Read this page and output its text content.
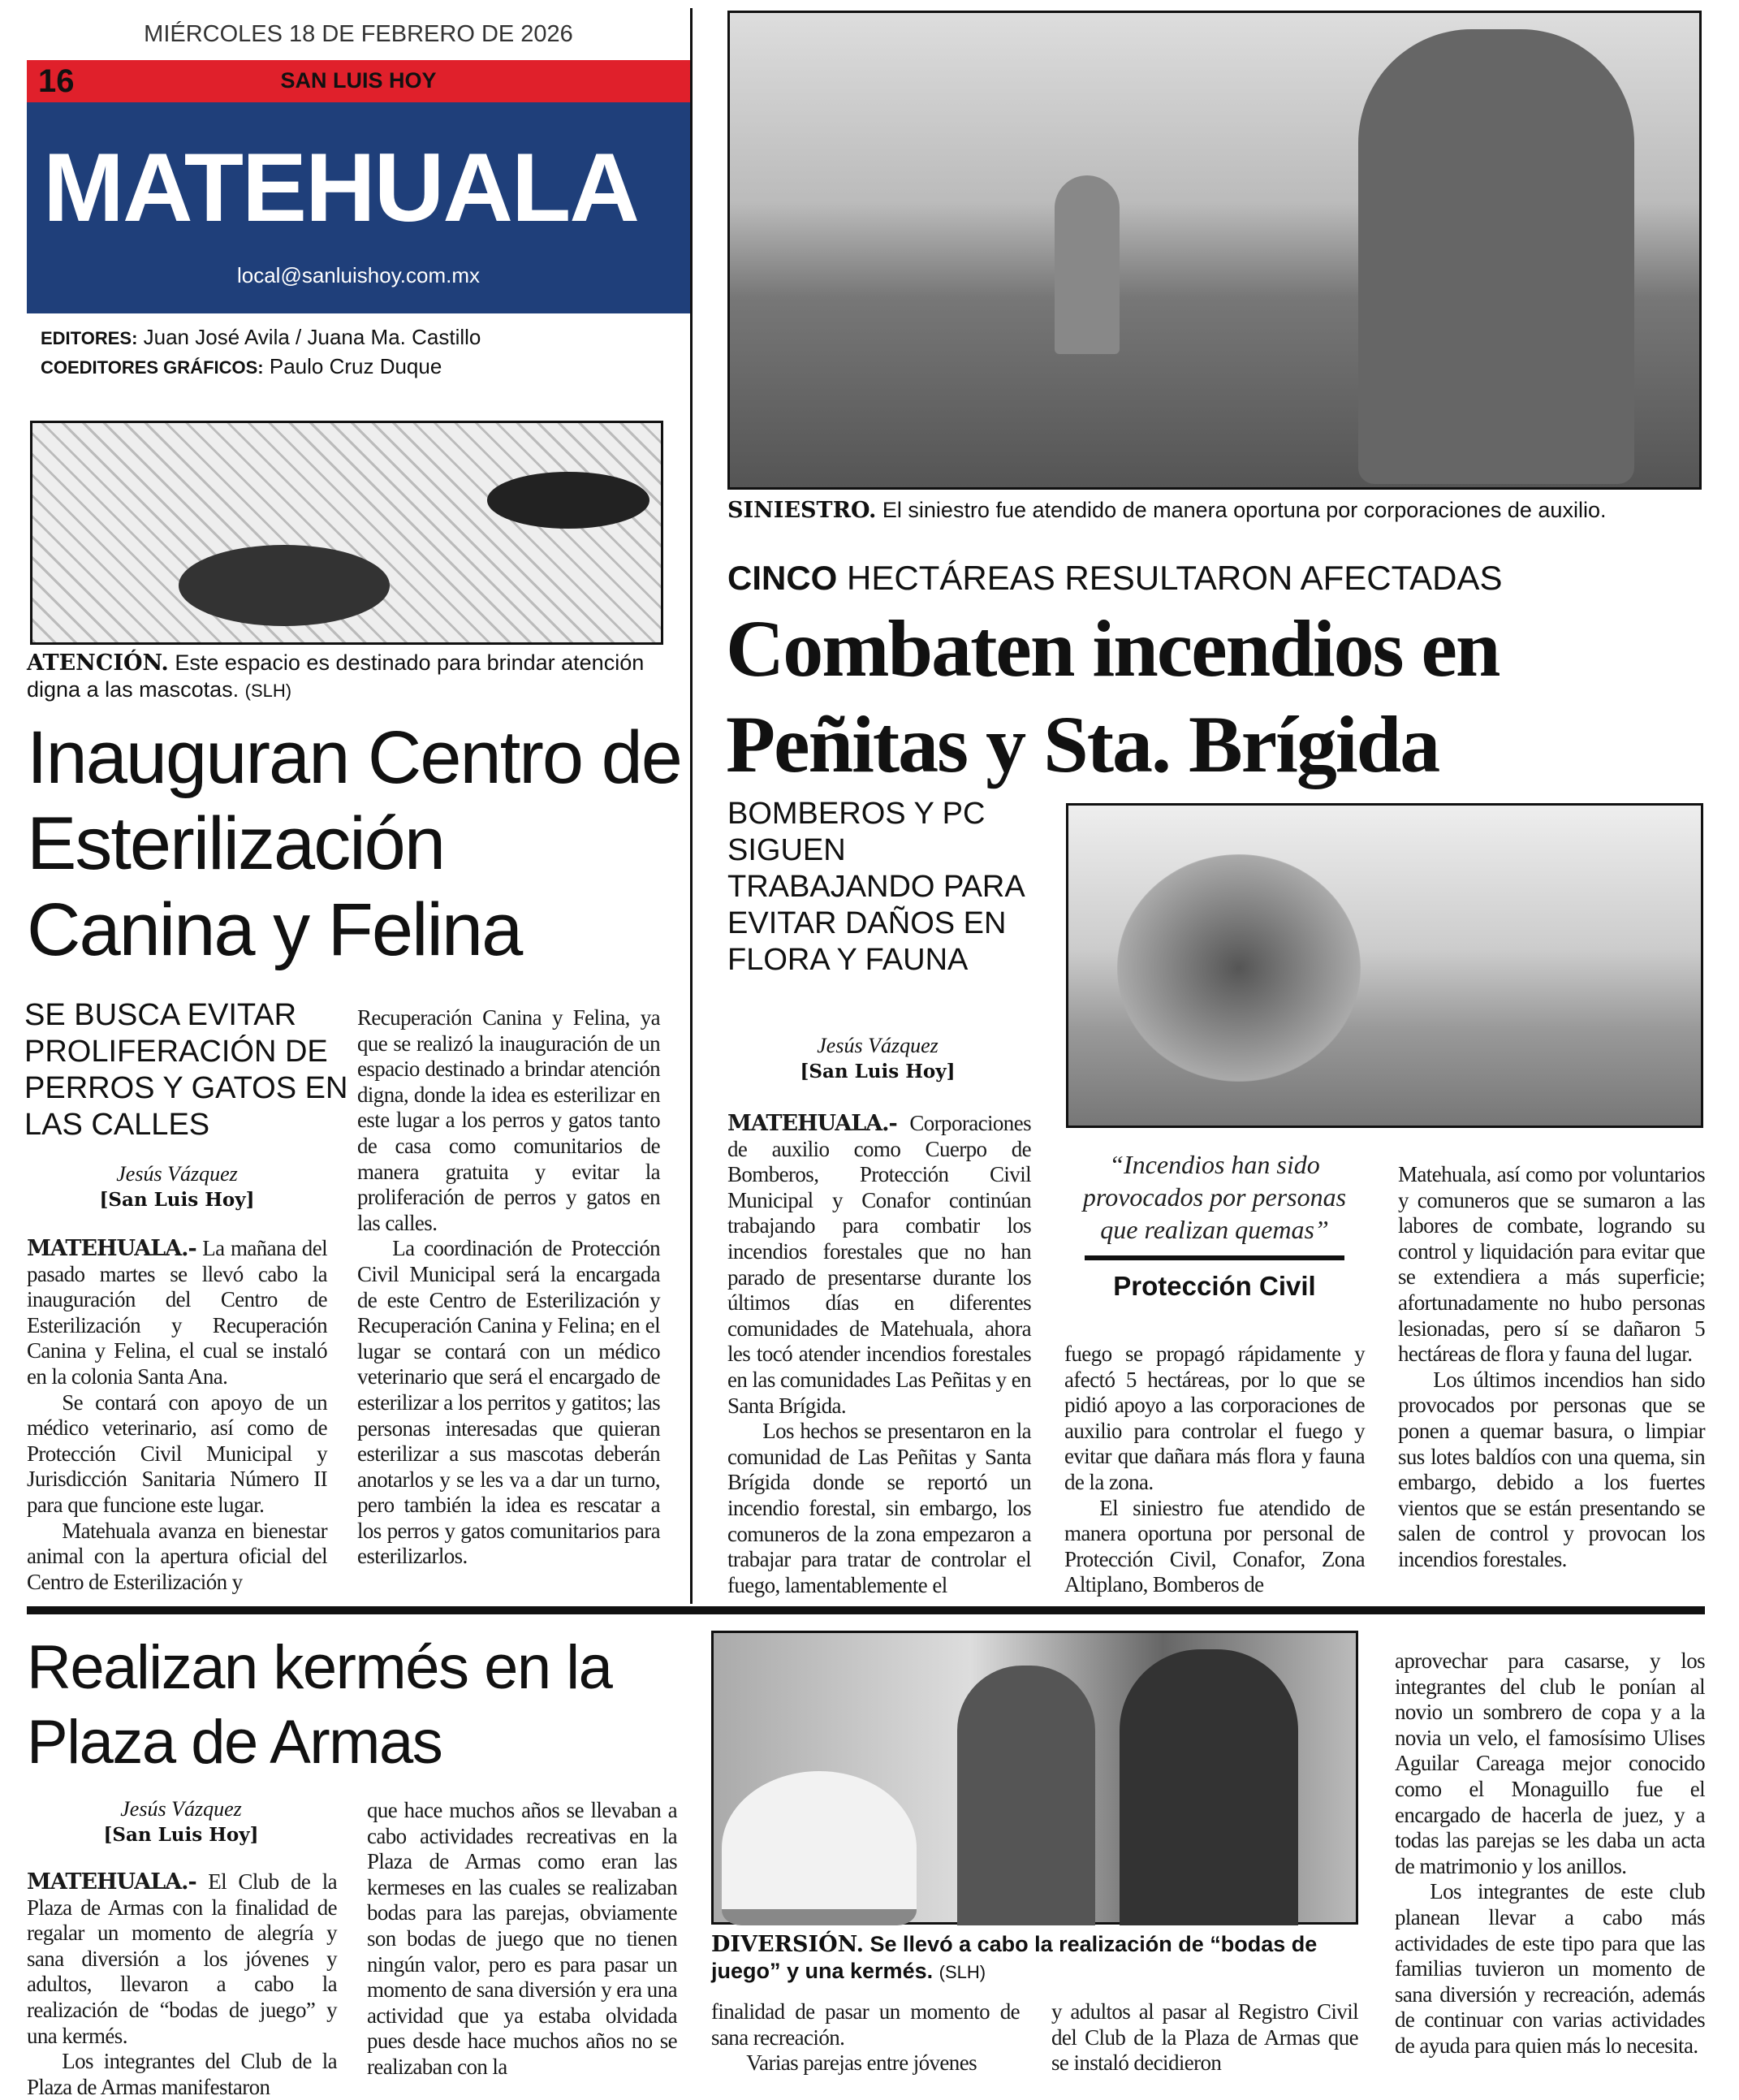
MIÉRCOLES 18 DE FEBRERO DE 2026
16	SAN LUIS HOY
MATEHUALA
local@sanluishoy.com.mx
EDITORES: Juan José Avila / Juana Ma. Castillo
COEDITORES GRÁFICOS: Paulo Cruz Duque
ATENCIÓN. Este espacio es destinado para brindar atención digna a las mascotas. (SLH)
Inauguran Centro de Esterilización Canina y Felina
SE BUSCA EVITAR PROLIFERACIÓN DE PERROS Y GATOS EN LAS CALLES
Jesús Vázquez
[San Luis Hoy]

MATEHUALA.- La mañana del pasado martes se llevó cabo la inauguración del Centro de Esterilización y Recuperación Canina y Felina, el cual se instaló en la colonia Santa Ana.

Se contará con apoyo de un médico veterinario, así como de Protección Civil Municipal y Jurisdicción Sanitaria Número II para que funcione este lugar.

Matehuala avanza en bienestar animal con la apertura oficial del Centro de Esterilización y

Recuperación Canina y Felina, ya que se realizó la inauguración de un espacio destinado a brindar atención digna, donde la idea es esterilizar en este lugar a los perros y gatos tanto de casa como comunitarios de manera gratuita y evitar la proliferación de perros y gatos en las calles.

La coordinación de Protección Civil Municipal será la encargada de este Centro de Esterilización y Recuperación Canina y Felina; en el lugar se contará con un médico veterinario que será el encargado de esterilizar a los perritos y gatitos; las personas interesadas que quieran esterilizar a sus mascotas deberán anotarlos y se les va a dar un turno, pero también la idea es rescatar a los perros y gatos comunitarios para esterilizarlos.

SINIESTRO. El siniestro fue atendido de manera oportuna por corporaciones de auxilio.
CINCO HECTÁREAS RESULTARON AFECTADAS
Combaten incendios en
Peñitas y Sta. Brígida
BOMBEROS Y PC SIGUEN TRABAJANDO PARA EVITAR DAÑOS EN FLORA Y FAUNA
Jesús Vázquez
[San Luis Hoy]

MATEHUALA.- Corporaciones de auxilio como Cuerpo de Bomberos, Protección Civil Municipal y Conafor continúan trabajando para combatir los incendios forestales que no han parado de presentarse durante los últimos días en diferentes comunidades de Matehuala, ahora les tocó atender incendios forestales en las comunidades Las Peñitas y en Santa Brígida.

Los hechos se presentaron en la comunidad de Las Peñitas y Santa Brígida donde se reportó un incendio forestal, sin embargo, los comuneros de la zona empezaron a trabajar para tratar de controlar el fuego, lamentablemente el

“Incendios han sido provocados por personas que realizan quemas”
Protección Civil

fuego se propagó rápidamente y afectó 5 hectáreas, por lo que se pidió apoyo a las corporaciones de auxilio para controlar el fuego y evitar que dañara más flora y fauna de la zona.

El siniestro fue atendido de manera oportuna por personal de Protección Civil, Conafor, Zona Altiplano, Bomberos de

Matehuala, así como por voluntarios y comuneros que se sumaron a las labores de combate, logrando su control y liquidación para evitar que se extendiera a más superficie; afortunadamente no hubo personas lesionadas, pero sí se dañaron 5 hectáreas de flora y fauna del lugar.

Los últimos incendios han sido provocados por personas que se ponen a quemar basura, o limpiar sus lotes baldíos con una quema, sin embargo, debido a los fuertes vientos que se están presentando se salen de control y provocan los incendios forestales.

Realizan kermés en la Plaza de Armas
Jesús Vázquez
[San Luis Hoy]

MATEHUALA.- El Club de la Plaza de Armas con la finalidad de regalar un momento de alegría y sana diversión a los jóvenes y adultos, llevaron a cabo la realización de “bodas de juego” y una kermés.

Los integrantes del Club de la Plaza de Armas manifestaron

que hace muchos años se llevaban a cabo actividades recreativas en la Plaza de Armas como eran las kermeses en las cuales se realizaban bodas para las parejas, obviamente son bodas de juego que no tienen ningún valor, pero es para pasar un momento de sana diversión y era una actividad que ya estaba olvidada pues desde hace muchos años no se realizaban con la

DIVERSIÓN. Se llevó a cabo la realización de “bodas de juego” y una kermés. (SLH)

finalidad de pasar un momento de sana recreación.

Varias parejas entre jóvenes

y adultos al pasar al Registro Civil del Club de la Plaza de Armas que se instaló decidieron

aprovechar para casarse, y los integrantes del club le ponían al novio un sombrero de copa y a la novia un velo, el famosísimo Ulises Aguilar Careaga mejor conocido como el Monaguillo fue el encargado de hacerla de juez, y a todas las parejas se les daba un acta de matrimonio y los anillos.

Los integrantes de este club planean llevar a cabo más actividades de este tipo para que las familias tuvieron un momento de sana diversión y recreación, además de continuar con varias actividades de ayuda para quien más lo necesita.
